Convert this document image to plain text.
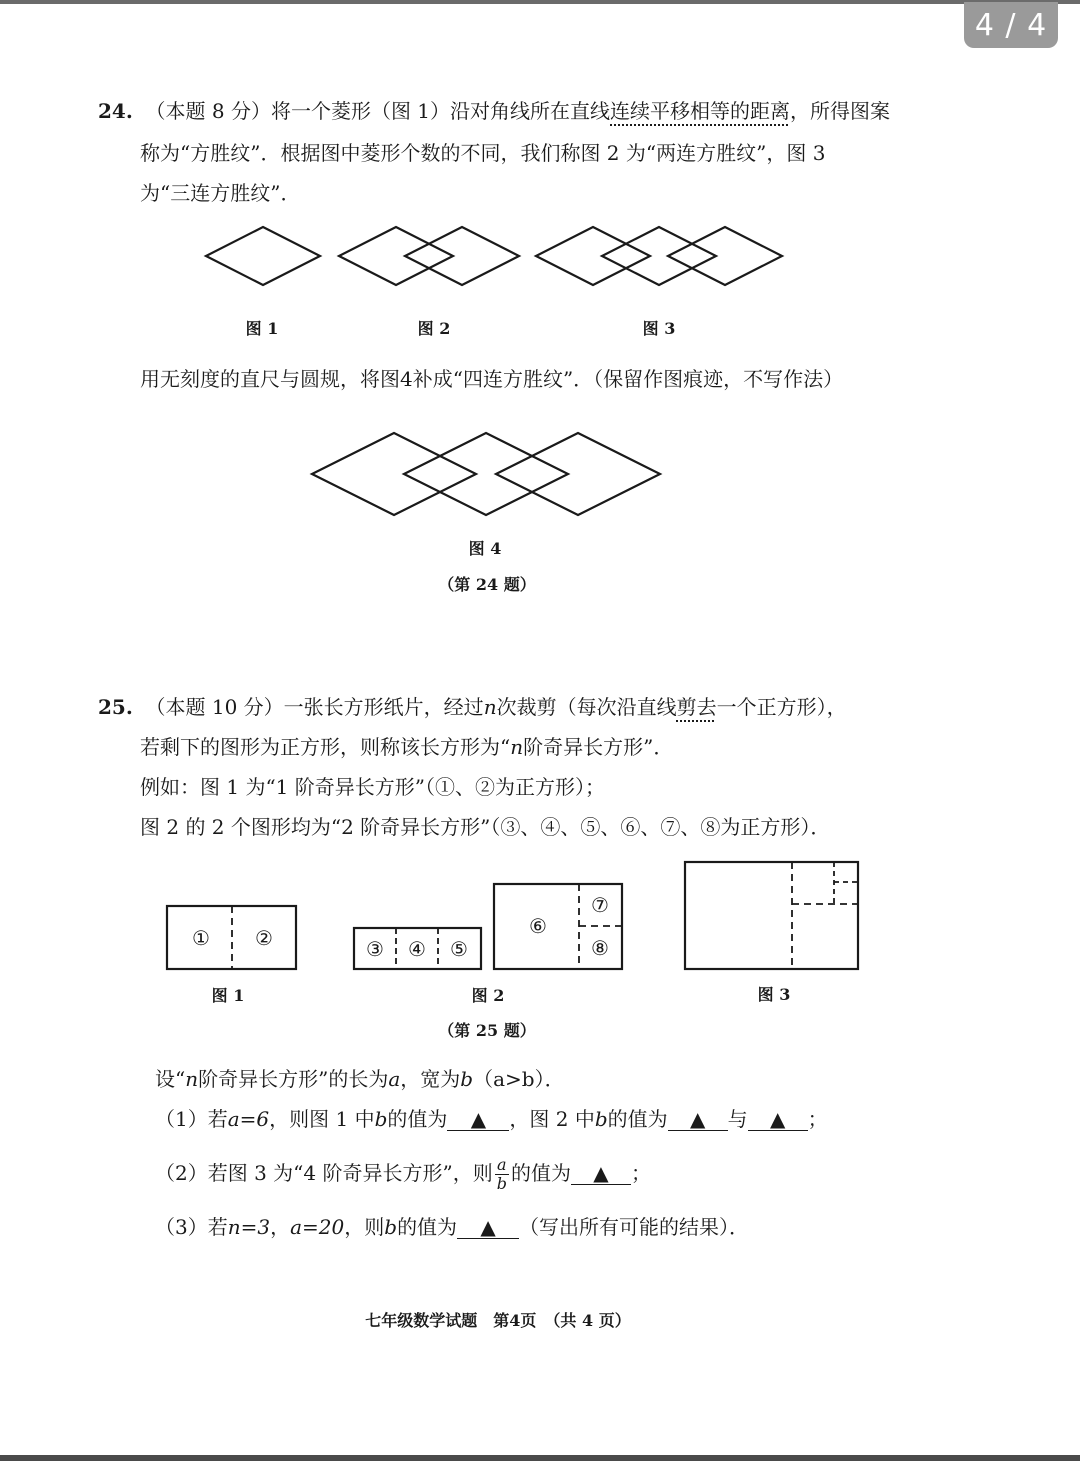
4 / 4
24. （本题 8 分）将一个菱形（图 1）沿对角线所在直线连续平移相等的距离，所得图案
称为“方胜纹”．根据图中菱形个数的不同，我们称图 2 为“两连方胜纹”，图 3
为“三连方胜纹”．
① ②	③ ④ ⑤
⑥
⑦
⑧
图 1	图 2	图 3
用无刻度的直尺与圆规，将图4补成“四连方胜纹”．（保留作图痕迹，不写作法）
图 4
（第 24 题）
25. （本题 10 分）一张长方形纸片，经过n次裁剪（每次沿直线剪去一个正方形），
若剩下的图形为正方形，则称该长方形为“n阶奇异长方形”．
例如：图 1 为“1 阶奇异长方形”（①、②为正方形）；
图 2 的 2 个图形均为“2 阶奇异长方形”（③、④、⑤、⑥、⑦、⑧为正方形）．
图 1	图 2	图 3
（第 25 题）
设“n阶奇异长方形”的长为a，宽为b（a>b）．
（1）若a=6，则图 1 中b的值为 ▲ ，图 2 中b的值为 ▲ 与 ▲ ；
（2）若图 3 为“4 阶奇异长方形”，则 $\frac{a}{b}$ 的值为 ▲ ；
（3）若n=3，a=20，则b的值为 ▲ （写出所有可能的结果）．
七年级数学试题　第4页　（共 4 页）
